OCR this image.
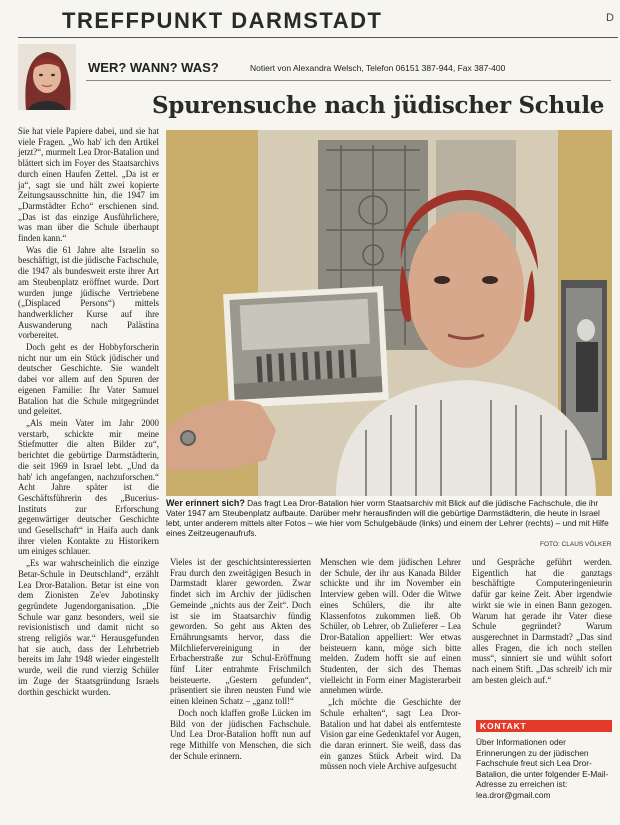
TREFFPUNKT DARMSTADT	D
WER? WANN? WAS?	Notiert von Alexandra Welsch, Telefon 06151 387-944, Fax 387-400
Spurensuche nach jüdischer Schule

Sie hat viele Papiere dabei, und sie hat viele Fragen. „Wo hab' ich den Artikel jetzt?“, murmelt Lea Dror-Batalion und blättert sich im Foyer des Staatsarchivs durch einen Haufen Zettel. „Da ist er ja“, sagt sie und hält zwei kopierte Zeitungsausschnitte hin, die 1947 im „Darmstädter Echo“ erschienen sind. „Das ist das einzige Ausführlichere, was man über die Schule überhaupt finden kann.“

Was die 61 Jahre alte Israelin so beschäftigt, ist die jüdische Fachschule, die 1947 als bundesweit erste ihrer Art am Steubenplatz eröffnet wurde. Dort wurden junge jüdische Vertriebene („Displaced Persons“) mittels handwerklicher Kurse auf ihre Auswanderung nach Palästina vorbereitet.

Doch geht es der Hobbyforscherin nicht nur um ein Stück jüdischer und deutscher Geschichte. Sie wandelt dabei vor allem auf den Spuren der eigenen Familie: Ihr Vater Samuel Batalion hat die Schule mitgegründet und geleitet.

„Als mein Vater im Jahr 2000 verstarb, schickte mir meine Stiefmutter die alten Bilder zu“, berichtet die gebürtige Darmstädterin, die seit 1969 in Israel lebt. „Und da hab' ich angefangen, nachzuforschen.“ Acht Jahre später ist die Geschäftsführerin des „Bucerius-Instituts zur Erforschung gegenwärtiger deutscher Geschichte und Gesellschaft“ in Haifa auch dank ihrer vielen Kontakte zu Historikern um einiges schlauer.

„Es war wahrscheinlich die einzige Betar-Schule in Deutschland“, erzählt Lea Dror-Batalion. Betar ist eine von dem Zionisten Ze'ev Jabotinsky gegründete Jugendorganisation. „Die Schule war ganz besonders, weil sie revisionistisch und damit nicht so streng religiös war.“ Herausgefunden hat sie auch, dass der Lehrbetrieb bereits im Jahr 1948 wieder eingestellt wurde, weil die rund vierzig Schüler im Zuge der Staatsgründung Israels dorthin geschickt wurden.

Wer erinnert sich? Das fragt Lea Dror-Batalion hier vorm Staatsarchiv mit Blick auf die jüdische Fachschule, die ihr Vater 1947 am Steubenplatz aufbaute. Darüber mehr herausfinden will die gebürtige Darmstädterin, die heute in Israel lebt, unter anderem mittels alter Fotos – wie hier vom Schulgebäude (links) und einem der Lehrer (rechts) – und mit Hilfe eines Zeitzeugenaufrufs.
FOTO: CLAUS VÖLKER

Vieles ist der geschichtsinteressierten Frau durch den zweitägigen Besuch in Darmstadt klarer geworden. Zwar findet sich im Archiv der jüdischen Gemeinde „nichts aus der Zeit“. Doch ist sie im Staatsarchiv fündig geworden. So geht aus Akten des Ernährungsamts hervor, dass die Milchliefervereinigung in der Erbacherstraße zur Schul-Eröffnung fünf Liter entrahmte Frischmilch beisteuerte. „Gestern gefunden“, präsentiert sie ihren neusten Fund wie einen kleinen Schatz – „ganz toll!“

Doch noch klaffen große Lücken im Bild von der jüdischen Fachschule. Und Lea Dror-Batalion hofft nun auf rege Mithilfe von Menschen, die sich der Schule erinnern.

Menschen wie dem jüdischen Lehrer der Schule, der ihr aus Kanada Bilder schickte und ihr im November ein Interview geben will. Oder die Witwe eines Schülers, die ihr alte Klassenfotos zukommen ließ. Ob Schüler, ob Lehrer, ob Zulieferer – Lea Dror-Batalion appelliert: Wer etwas beisteuern kann, möge sich bitte melden. Zudem hofft sie auf einen Studenten, der sich des Themas vielleicht in Form einer Magisterarbeit annehmen würde.

„Ich möchte die Geschichte der Schule erhalten“, sagt Lea Dror-Batalion und hat dabei als entfernteste Vision gar eine Gedenktafel vor Augen, die daran erinnert. Sie weiß, dass das ein ganzes Stück Arbeit wird. Da müssen noch viele Archive aufgesucht

und Gespräche geführt werden. Eigentlich hat die ganztags beschäftigte Computeringenieurin dafür gar keine Zeit. Aber irgendwie wirkt sie wie in einen Bann gezogen. Warum hat gerade ihr Vater diese Schule gegründet? Warum ausgerechnet in Darmstadt? „Das sind alles Fragen, die ich noch stellen muss“, sinniert sie und wühlt sofort nach einem Stift. „Das schreib' ich mir am besten gleich auf.“

KONTAKT
Über Informationen oder Erinnerungen zu der jüdischen Fachschule freut sich Lea Dror-Batalion, die unter folgender E-Mail-Adresse zu erreichen ist:
lea.dror@gmail.com
